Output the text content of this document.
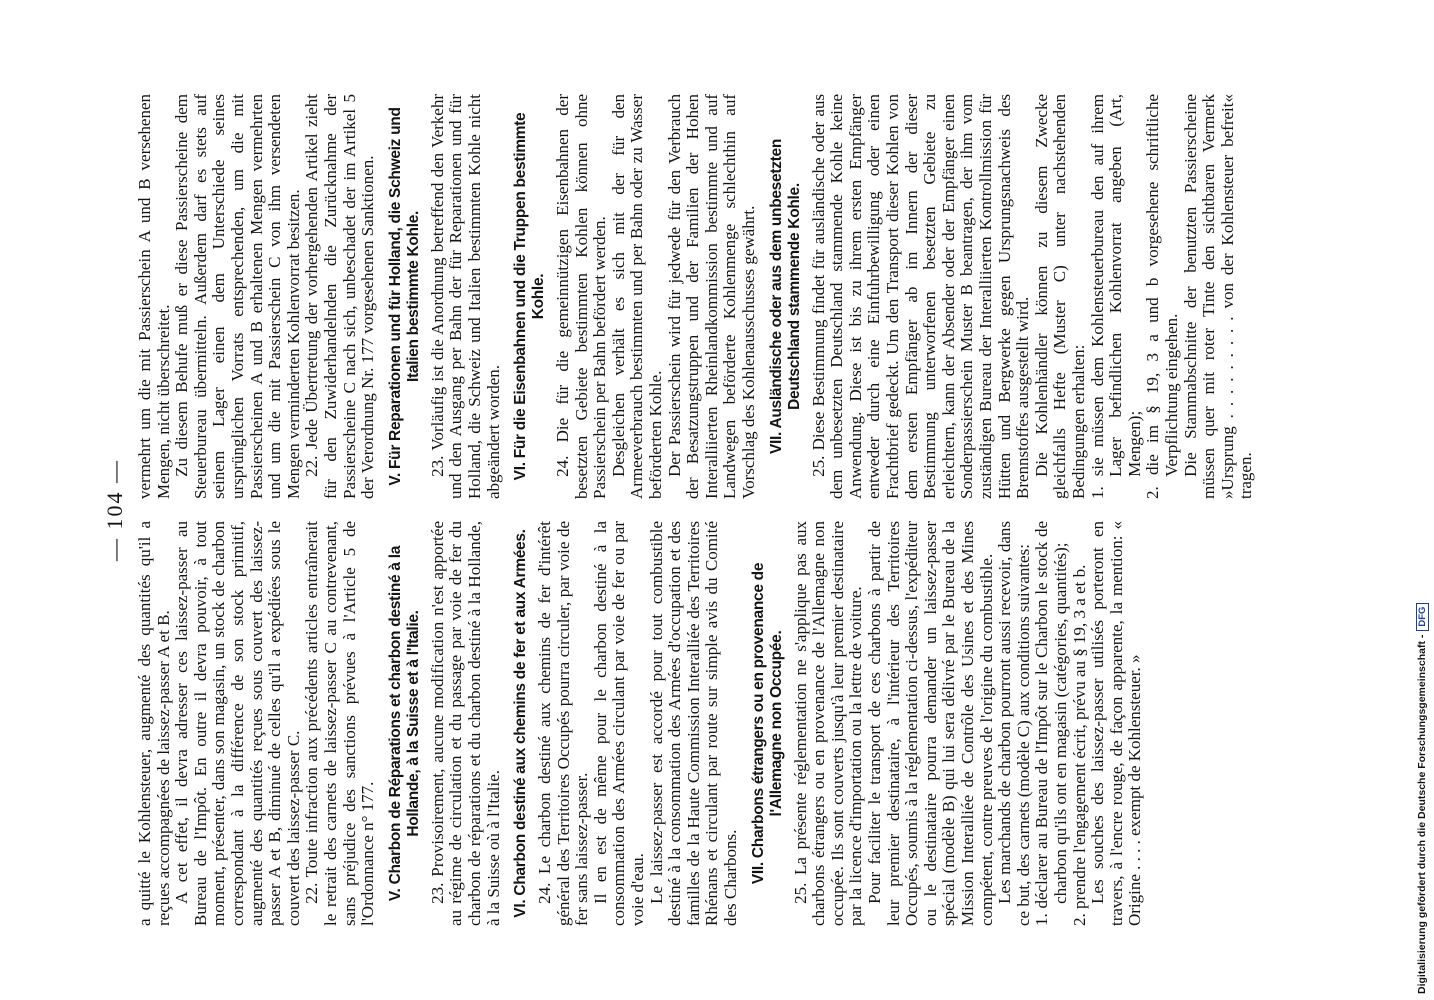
— 104 —

a quitté le Kohlensteuer, augmenté des quantités qu'il a reçues accompagnées de laissez-passer A et B. A cet effet, il devra adresser ces laissez-passer au Bureau de l'Impôt. En outre il devra pouvoir, à tout moment, présenter, dans son magasin, un stock de charbon correspondant à la différence de son stock primitif, augmenté des quantités reçues sous couvert des laissez-passer A et B, diminué de celles qu'il a expédiées sous le couvert des laissez-passer C. 22. Toute infraction aux précédents articles entraînerait le retrait des carnets de laissez-passer C au contrevenant, sans préjudice des sanctions prévues à l'Article 5 de l'Ordonnance n° 177. V. Charbon de Réparations et charbon destiné à la Hollande, à la Suisse et à l'Italie. 23. Provisoirement, aucune modification n'est apportée au régime de circulation et du passage par voie de fer du charbon de réparations et du charbon destiné à la Hollande, à la Suisse où à l'Italie. VI. Charbon destiné aux chemins de fer et aux Armées. 24. Le charbon destiné aux chemins de fer d'intérêt général des Territoires Occupés pourra circuler, par voie de fer sans laissez-passer. Il en est de même pour le charbon destiné à la consommation des Armées circulant par voie de fer ou par voie d'eau. Le laissez-passer est accordé pour tout combustible destiné à la consommation des Armées d'occupation et des familles de la Haute Commission Interalliée des Territoires Rhénans et circulant par route sur simple avis du Comité des Charbons. VII. Charbons étrangers ou en provenance de l'Allemagne non Occupée. 25. La présente réglementation ne s'applique pas aux charbons étrangers ou en provenance de l'Allemagne non occupée. Ils sont couverts jusqu'à leur premier destinataire par la licence d'importation ou la lettre de voiture. Pour faciliter le transport de ces charbons à partir de leur premier destinataire, à l'intérieur des Territoires Occupés, soumis à la réglementation ci-dessus, l'expéditeur ou le destinataire pourra demander un laissez-passer spécial (modèle B) qui lui sera délivré par le Bureau de la Mission Interalliée de Contrôle des Usines et des Mines compétent, contre preuves de l'origine du combustible. Les marchands de charbon pourront aussi recevoir, dans ce but, des carnets (modèle C) aux conditions suivantes: 1. déclarer au Bureau de l'Impôt sur le Charbon le stock de charbon qu'ils ont en magasin (catégories, quantités); 2. prendre l'engagement écrit, prévu au § 19, 3 a et b. Les souches des laissez-passer utilisés porteront en travers, à l'encre rouge, de façon apparente, la mention: « Origine . . . . exempt de Kohlensteuer. »

vermehrt um die mit Passierschein A und B versehenen Mengen, nicht überschreitet. Zu diesem Behufe muß er diese Passierscheine dem Steuerbureau übermitteln. Außerdem darf es stets auf seinem Lager einen dem Unterschiede seines ursprünglichen Vorrats entsprechenden, um die mit Passierscheinen A und B erhaltenen Mengen vermehrten und um die mit Passierschein C von ihm versendeten Mengen verminderten Kohlenvorrat besitzen. 22. Jede Übertretung der vorhergehenden Artikel zieht für den Zuwiderhandelnden die Zurücknahme der Passierscheine C nach sich, unbeschadet der im Artikel 5 der Verordnung Nr. 177 vorgesehenen Sanktionen. V. Für Reparationen und für Holland, die Schweiz und Italien bestimmte Kohle. 23. Vorläufig ist die Anordnung betreffend den Verkehr und den Ausgang per Bahn der für Reparationen und für Holland, die Schweiz und Italien bestimmten Kohle nicht abgeändert worden. VI. Für die Eisenbahnen und die Truppen bestimmte Kohle. 24. Die für die gemeinnützigen Eisenbahnen der besetzten Gebiete bestimmten Kohlen können ohne Passierschein per Bahn befördert werden. Desgleichen verhält es sich mit der für den Armeeverbrauch bestimmten und per Bahn oder zu Wasser beförderten Kohle. Der Passierschein wird für jedwede für den Verbrauch der Besatzungstruppen und der Familien der Hohen Interalliierten Rheinlandkommission bestimmte und auf Landwegen beförderte Kohlenmenge schlechthin auf Vorschlag des Kohlenausschusses gewährt. VII. Ausländische oder aus dem unbesetzten Deutschland stammende Kohle. 25. Diese Bestimmung findet für ausländische oder aus dem unbesetzten Deutschland stammende Kohle keine Anwendung. Diese ist bis zu ihrem ersten Empfänger entweder durch eine Einfuhrbewilligung oder einen Frachtbrief gedeckt. Um den Transport dieser Kohlen von dem ersten Empfänger ab im Innern der dieser Bestimmung unterworfenen besetzten Gebiete zu erleichtern, kann der Absender oder der Empfänger einen Sonderpassierschein Muster B beantragen, der ihm vom zuständigen Bureau der Interalliierten Kontrollmission für Hütten und Bergwerke gegen Ursprungsnachweis des Brennstoffes ausgestellt wird. Die Kohlenhändler können zu diesem Zwecke gleichfalls Hefte (Muster C) unter nachstehenden Bedingungen erhalten: 1. sie müssen dem Kohlensteuerbureau den auf ihrem Lager befindlichen Kohlenvorrat angeben (Art, Mengen); 2. die im § 19, 3 a und b vorgesehene schriftliche Verpflichtung eingehen. Die Stammabschnitte der benutzten Passierscheine müssen quer mit roter Tinte den sichtbaren Vermerk »Ursprung . . . . . . . . . von der Kohlensteuer befreit« tragen.

Digitalisierung gefördert durch die Deutsche Forschungsgemeinschaft -DFG
